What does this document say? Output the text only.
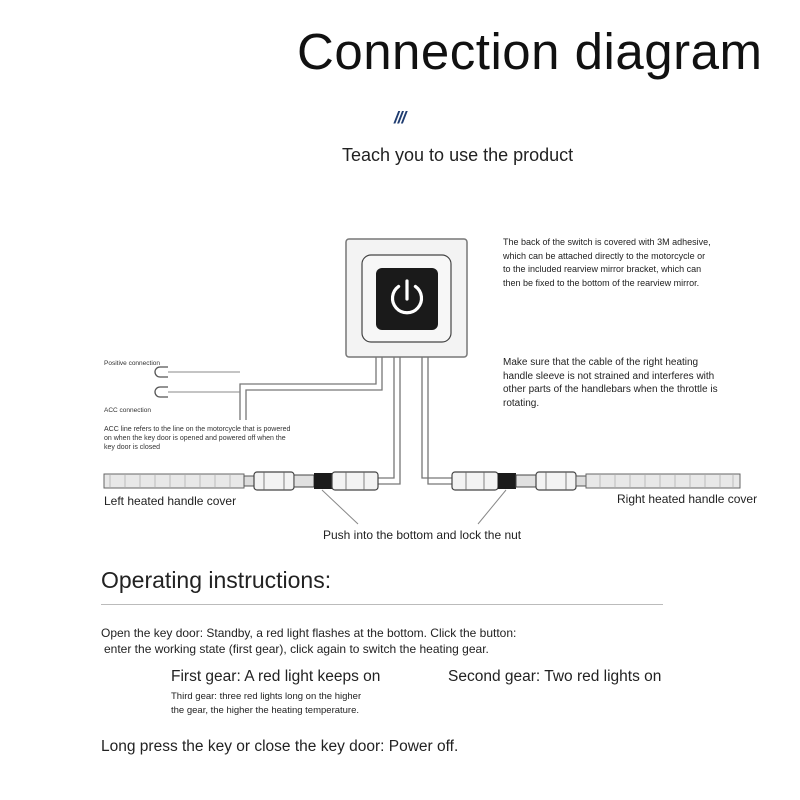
Connection diagram
///
Teach you to use the product
The back of the switch is covered with 3M adhesive, which can be attached directly to the motorcycle or to the included rearview mirror bracket, which can then be fixed to the bottom of the rearview mirror.
Make sure that the cable of the right heating handle sleeve is not strained and interferes with other parts of the handlebars when the throttle is rotating.
Positive connection
ACC connection
ACC line refers to the line on the motorcycle that is powered on when the key door is opened and powered off when the key door is closed
Left heated handle cover	Right heated handle cover
Push into the bottom and lock the nut
Operating instructions:
Open the key door: Standby, a red light flashes at the bottom. Click the button:
enter the working state (first gear), click again to switch the heating gear.
First gear: A red light keeps on	Second gear: Two red lights on
Third gear: three red lights long on the higher the gear, the higher the heating temperature.
Long press the key or close the key door: Power off.
